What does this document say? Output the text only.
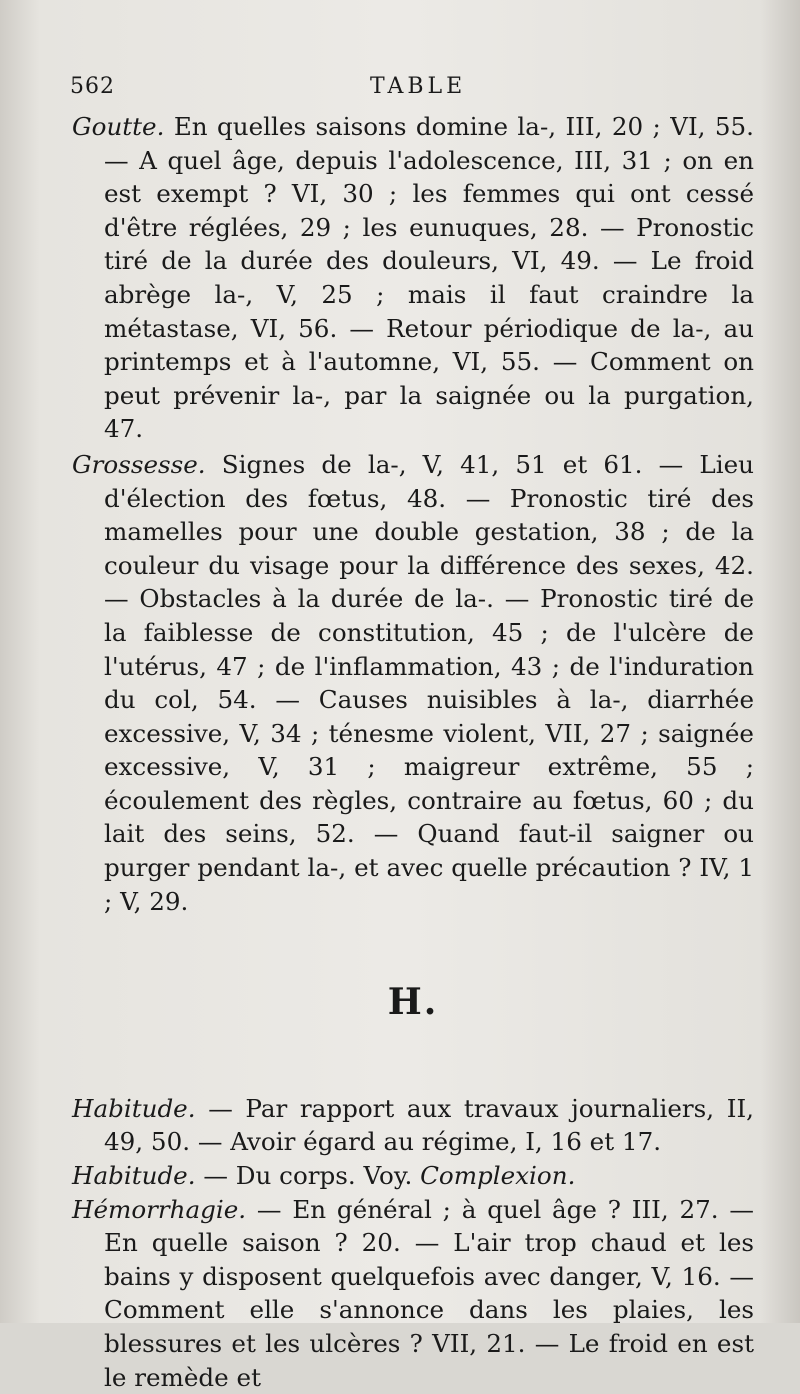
562	TABLE

Goutte. En quelles saisons domine la-, III, 20 ; VI, 55. — A quel âge, depuis l'adolescence, III, 31 ; on en est exempt ? VI, 30 ; les femmes qui ont cessé d'être réglées, 29 ; les eunuques, 28. — Pronostic tiré de la durée des douleurs, VI, 49. — Le froid abrège la-, V, 25 ; mais il faut craindre la métastase, VI, 56. — Retour périodique de la-, au printemps et à l'automne, VI, 55. — Comment on peut prévenir la-, par la saignée ou la purgation, 47.

Grossesse. Signes de la-, V, 41, 51 et 61. — Lieu d'élection des fœtus, 48. — Pronostic tiré des mamelles pour une double gestation, 38 ; de la couleur du visage pour la différence des sexes, 42. — Obstacles à la durée de la-. — Pronostic tiré de la faiblesse de constitution, 45 ; de l'ulcère de l'utérus, 47 ; de l'inflammation, 43 ; de l'induration du col, 54. — Causes nuisibles à la-, diarrhée excessive, V, 34 ; ténesme violent, VII, 27 ; saignée excessive, V, 31 ; maigreur extrême, 55 ; écoulement des règles, contraire au fœtus, 60 ; du lait des seins, 52. — Quand faut-il saigner ou purger pendant la-, et avec quelle précaution ? IV, 1 ; V, 29.

H.

Habitude. — Par rapport aux travaux journaliers, II, 49, 50. — Avoir égard au régime, I, 16 et 17.

Habitude. — Du corps. Voy. Complexion.

Hémorrhagie. — En général ; à quel âge ? III, 27. — En quelle saison ? 20. — L'air trop chaud et les bains y disposent quelquefois avec danger, V, 16. — Comment elle s'annonce dans les plaies, les blessures et les ulcères ? VII, 21. — Le froid en est le remède et
